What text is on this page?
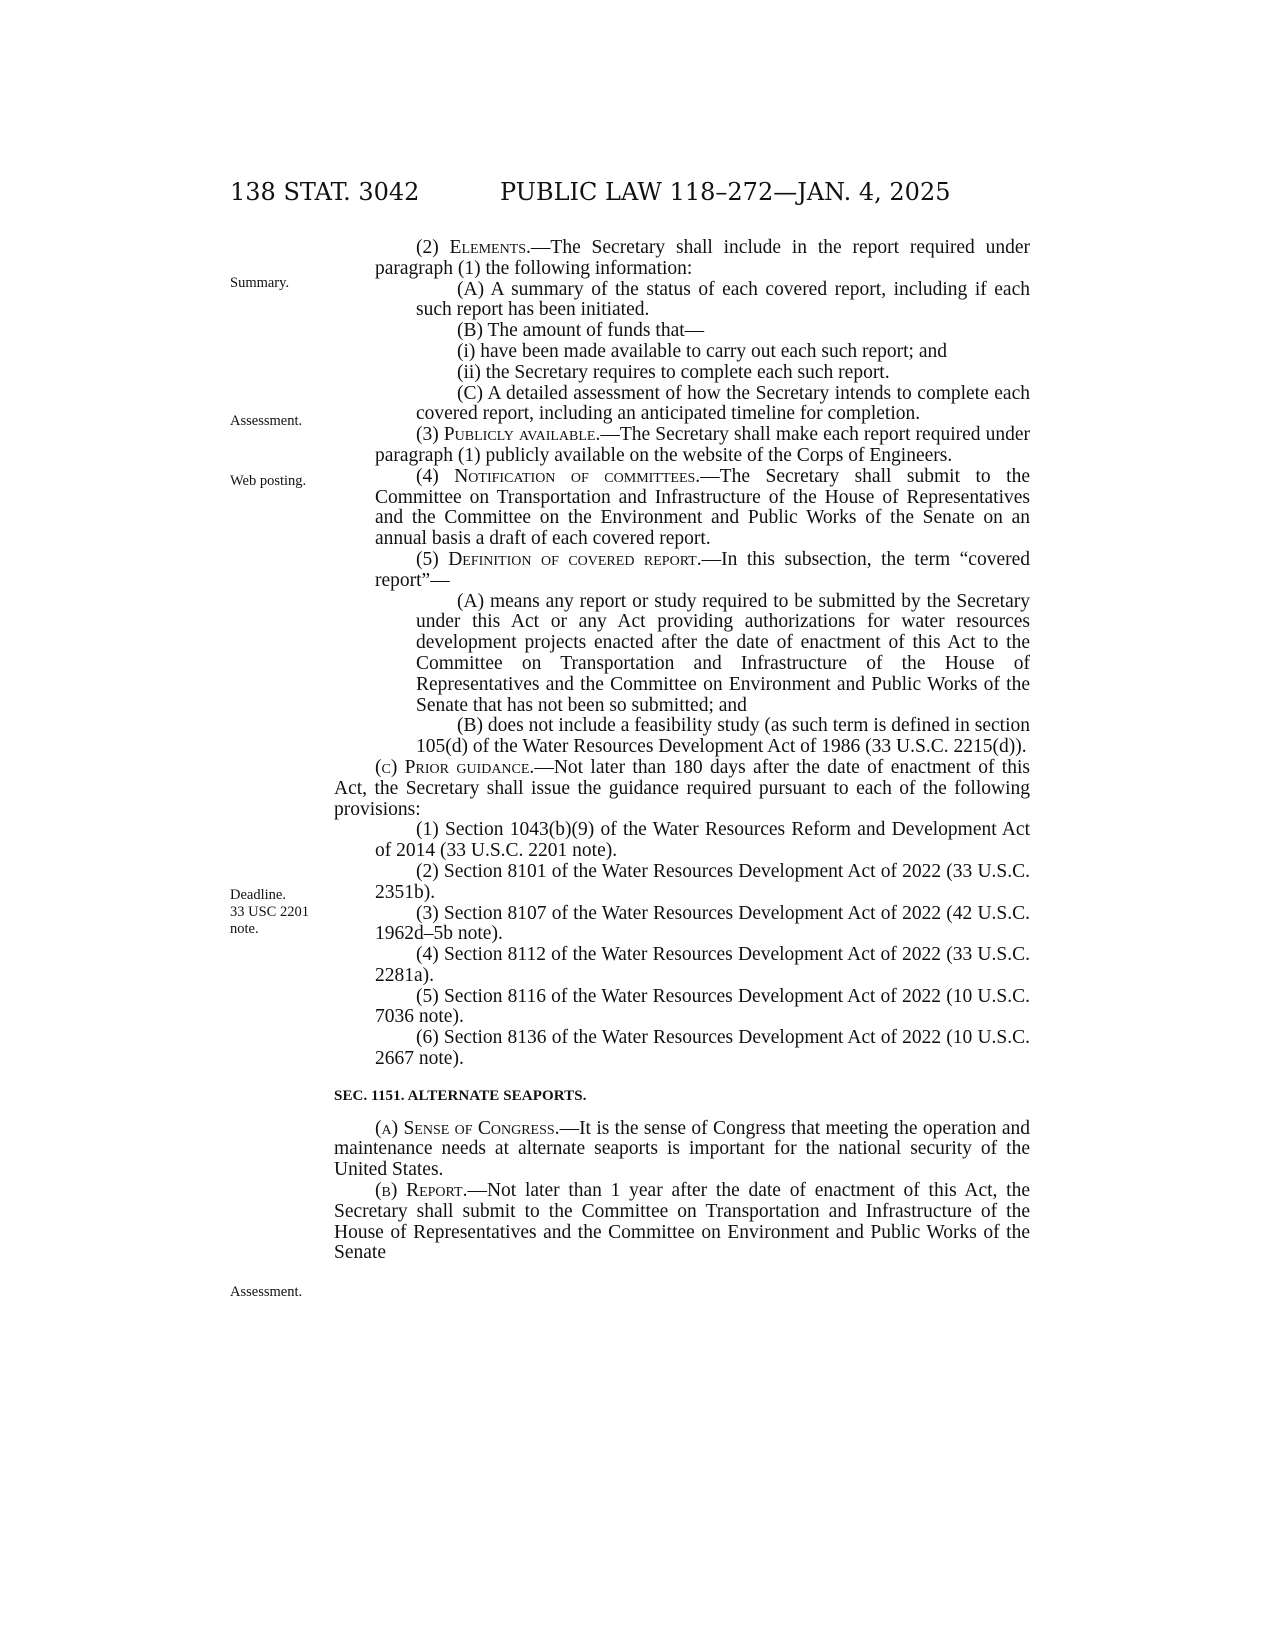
138 STAT. 3042	PUBLIC LAW 118–272—JAN. 4, 2025
Summary.
Assessment.
Web posting.
Deadline.
33 USC 2201
note.
Assessment.

(2) Elements.—The Secretary shall include in the report required under paragraph (1) the following information:

(A) A summary of the status of each covered report, including if each such report has been initiated.

(B) The amount of funds that—

(i) have been made available to carry out each such report; and

(ii) the Secretary requires to complete each such report.

(C) A detailed assessment of how the Secretary intends to complete each covered report, including an anticipated timeline for completion.

(3) Publicly available.—The Secretary shall make each report required under paragraph (1) publicly available on the website of the Corps of Engineers.

(4) Notification of committees.—The Secretary shall submit to the Committee on Transportation and Infrastructure of the House of Representatives and the Committee on the Environment and Public Works of the Senate on an annual basis a draft of each covered report.

(5) Definition of covered report.—In this subsection, the term “covered report”—

(A) means any report or study required to be submitted by the Secretary under this Act or any Act providing authorizations for water resources development projects enacted after the date of enactment of this Act to the Committee on Transportation and Infrastructure of the House of Representatives and the Committee on Environment and Public Works of the Senate that has not been so submitted; and

(B) does not include a feasibility study (as such term is defined in section 105(d) of the Water Resources Development Act of 1986 (33 U.S.C. 2215(d)).

(c) Prior guidance.—Not later than 180 days after the date of enactment of this Act, the Secretary shall issue the guidance required pursuant to each of the following provisions:

(1) Section 1043(b)(9) of the Water Resources Reform and Development Act of 2014 (33 U.S.C. 2201 note).

(2) Section 8101 of the Water Resources Development Act of 2022 (33 U.S.C. 2351b).

(3) Section 8107 of the Water Resources Development Act of 2022 (42 U.S.C. 1962d–5b note).

(4) Section 8112 of the Water Resources Development Act of 2022 (33 U.S.C. 2281a).

(5) Section 8116 of the Water Resources Development Act of 2022 (10 U.S.C. 7036 note).

(6) Section 8136 of the Water Resources Development Act of 2022 (10 U.S.C. 2667 note).

SEC. 1151. ALTERNATE SEAPORTS.

(a) Sense of Congress.—It is the sense of Congress that meeting the operation and maintenance needs at alternate seaports is important for the national security of the United States.

(b) Report.—Not later than 1 year after the date of enactment of this Act, the Secretary shall submit to the Committee on Transportation and Infrastructure of the House of Representatives and the Committee on Environment and Public Works of the Senate
